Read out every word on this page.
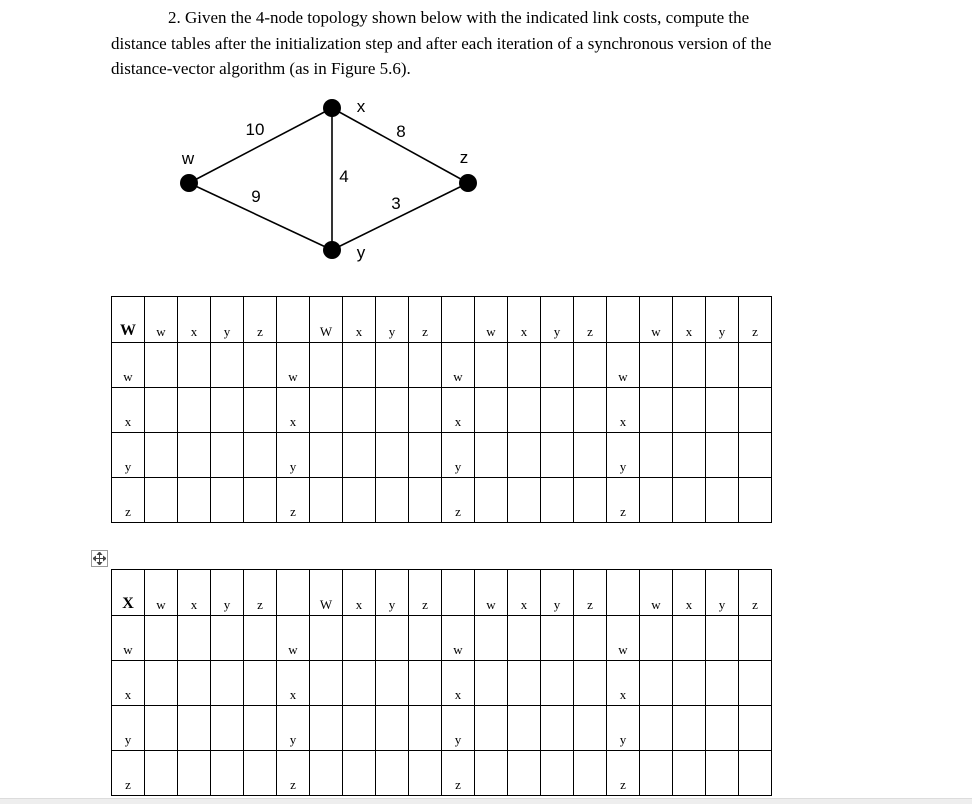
2. Given the 4-node topology shown below with the indicated link costs, compute the
distance tables after the initialization step and after each iteration of a synchronous version of the
distance-vector algorithm (as in Figure 5.6).
w
x
y
z
10
9
4
8
3
W	w	x	y	z		W	x	y	z		w	x	y	z		w	x	y	z
w					w					w					w				
x					x					x					x				
y					y					y					y				
z					z					z					z				
X	w	x	y	z		W	x	y	z		w	x	y	z		w	x	y	z
w					w					w					w				
x					x					x					x				
y					y					y					y				
z					z					z					z				
